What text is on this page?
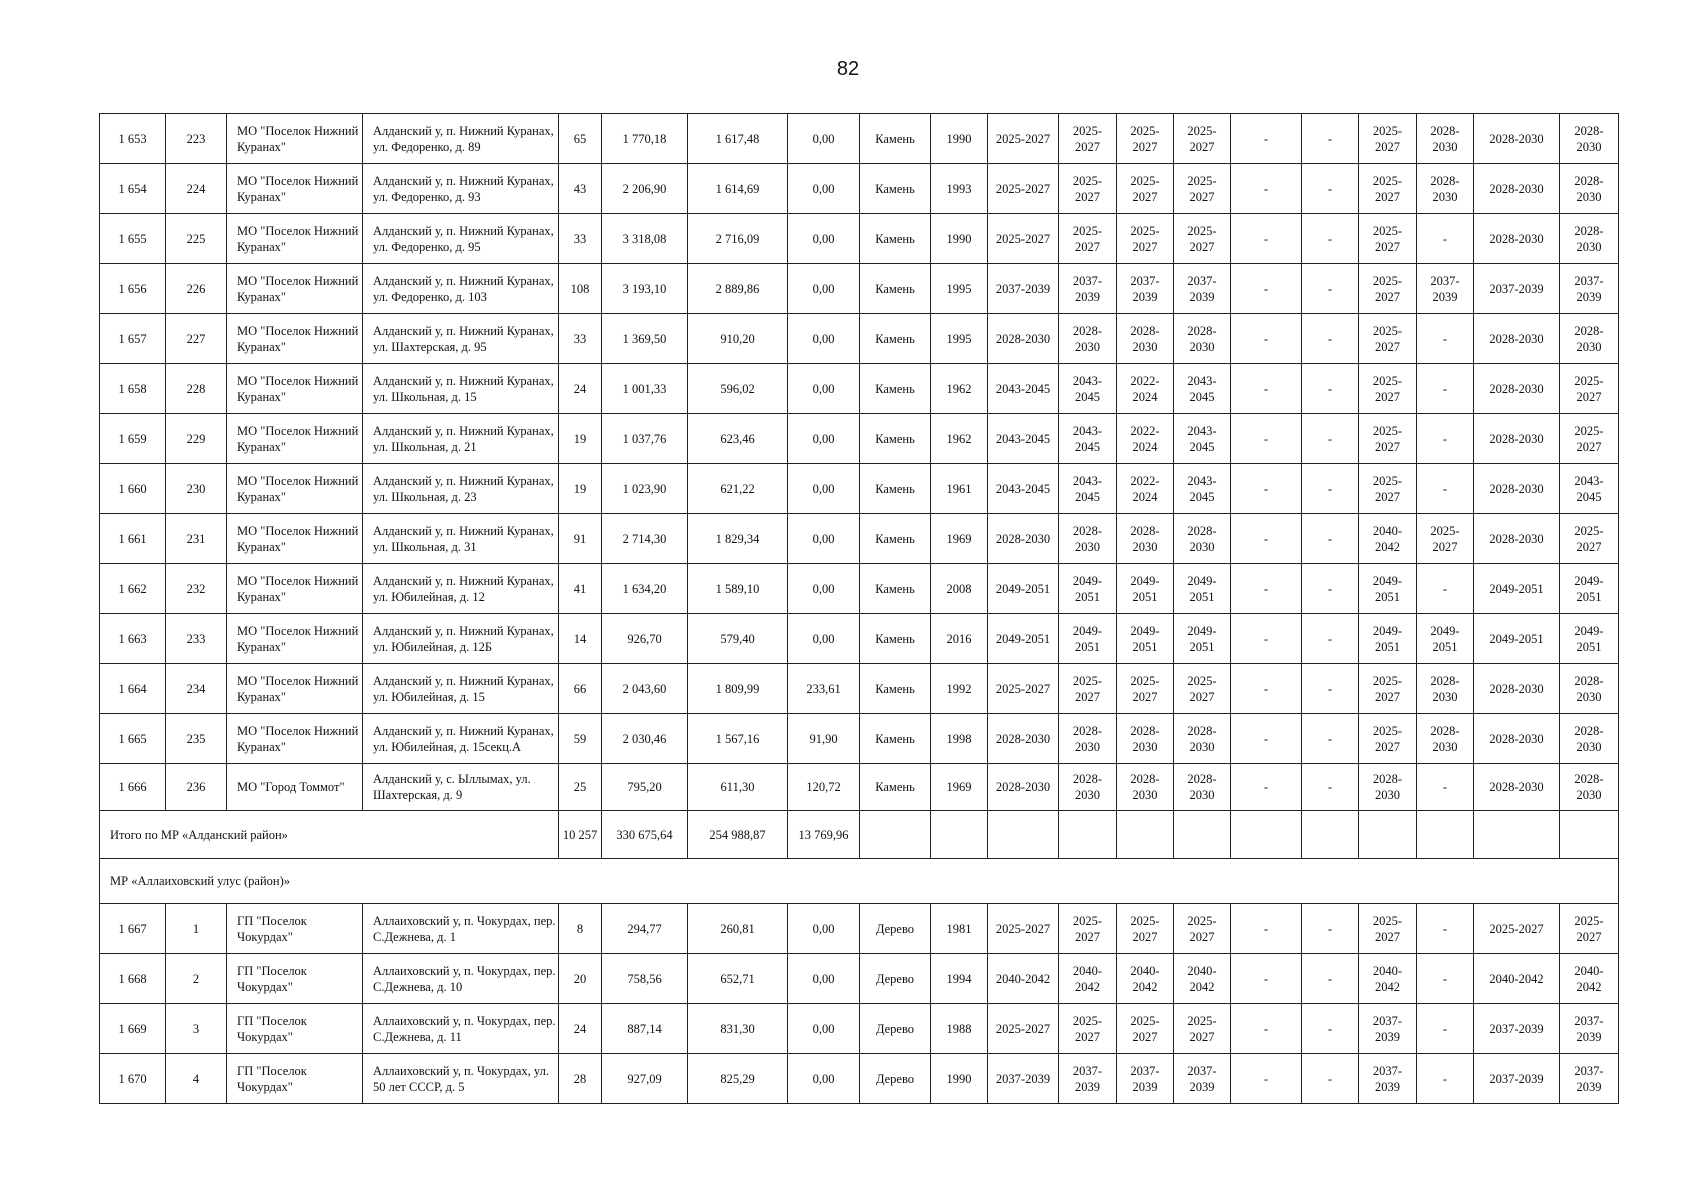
82
1 653	223	МО "Поселок Нижний Куранах"	Алданский у, п. Нижний Куранах, ул. Федоренко, д. 89	65	1 770,18	1 617,48	0,00	Камень	1990	2025-2027	2025-2027	2025-2027	2025-2027	-	-	2025-2027	2028-2030	2028-2030	2028-2030
1 654	224	МО "Поселок Нижний Куранах"	Алданский у, п. Нижний Куранах, ул. Федоренко, д. 93	43	2 206,90	1 614,69	0,00	Камень	1993	2025-2027	2025-2027	2025-2027	2025-2027	-	-	2025-2027	2028-2030	2028-2030	2028-2030
1 655	225	МО "Поселок Нижний Куранах"	Алданский у, п. Нижний Куранах, ул. Федоренко, д. 95	33	3 318,08	2 716,09	0,00	Камень	1990	2025-2027	2025-2027	2025-2027	2025-2027	-	-	2025-2027	-	2028-2030	2028-2030
1 656	226	МО "Поселок Нижний Куранах"	Алданский у, п. Нижний Куранах, ул. Федоренко, д. 103	108	3 193,10	2 889,86	0,00	Камень	1995	2037-2039	2037-2039	2037-2039	2037-2039	-	-	2025-2027	2037-2039	2037-2039	2037-2039
1 657	227	МО "Поселок Нижний Куранах"	Алданский у, п. Нижний Куранах, ул. Шахтерская, д. 95	33	1 369,50	910,20	0,00	Камень	1995	2028-2030	2028-2030	2028-2030	2028-2030	-	-	2025-2027	-	2028-2030	2028-2030
1 658	228	МО "Поселок Нижний Куранах"	Алданский у, п. Нижний Куранах, ул. Школьная, д. 15	24	1 001,33	596,02	0,00	Камень	1962	2043-2045	2043-2045	2022-2024	2043-2045	-	-	2025-2027	-	2028-2030	2025-2027
1 659	229	МО "Поселок Нижний Куранах"	Алданский у, п. Нижний Куранах, ул. Школьная, д. 21	19	1 037,76	623,46	0,00	Камень	1962	2043-2045	2043-2045	2022-2024	2043-2045	-	-	2025-2027	-	2028-2030	2025-2027
1 660	230	МО "Поселок Нижний Куранах"	Алданский у, п. Нижний Куранах, ул. Школьная, д. 23	19	1 023,90	621,22	0,00	Камень	1961	2043-2045	2043-2045	2022-2024	2043-2045	-	-	2025-2027	-	2028-2030	2043-2045
1 661	231	МО "Поселок Нижний Куранах"	Алданский у, п. Нижний Куранах, ул. Школьная, д. 31	91	2 714,30	1 829,34	0,00	Камень	1969	2028-2030	2028-2030	2028-2030	2028-2030	-	-	2040-2042	2025-2027	2028-2030	2025-2027
1 662	232	МО "Поселок Нижний Куранах"	Алданский у, п. Нижний Куранах, ул. Юбилейная, д. 12	41	1 634,20	1 589,10	0,00	Камень	2008	2049-2051	2049-2051	2049-2051	2049-2051	-	-	2049-2051	-	2049-2051	2049-2051
1 663	233	МО "Поселок Нижний Куранах"	Алданский у, п. Нижний Куранах, ул. Юбилейная, д. 12Б	14	926,70	579,40	0,00	Камень	2016	2049-2051	2049-2051	2049-2051	2049-2051	-	-	2049-2051	2049-2051	2049-2051	2049-2051
1 664	234	МО "Поселок Нижний Куранах"	Алданский у, п. Нижний Куранах, ул. Юбилейная, д. 15	66	2 043,60	1 809,99	233,61	Камень	1992	2025-2027	2025-2027	2025-2027	2025-2027	-	-	2025-2027	2028-2030	2028-2030	2028-2030
1 665	235	МО "Поселок Нижний Куранах"	Алданский у, п. Нижний Куранах, ул. Юбилейная, д. 15секц.А	59	2 030,46	1 567,16	91,90	Камень	1998	2028-2030	2028-2030	2028-2030	2028-2030	-	-	2025-2027	2028-2030	2028-2030	2028-2030
1 666	236	МО "Город Томмот"	Алданский у, с. Ыллымах, ул. Шахтерская, д. 9	25	795,20	611,30	120,72	Камень	1969	2028-2030	2028-2030	2028-2030	2028-2030	-	-	2028-2030	-	2028-2030	2028-2030
Итого по МР «Алданский район»				10 257	330 675,64	254 988,87	13 769,96												
МР «Аллаиховский улус (район)»																			
1 667	1	ГП "Поселок Чокурдах"	Аллаиховский у, п. Чокурдах, пер. С.Дежнева, д. 1	8	294,77	260,81	0,00	Дерево	1981	2025-2027	2025-2027	2025-2027	2025-2027	-	-	2025-2027	-	2025-2027	2025-2027
1 668	2	ГП "Поселок Чокурдах"	Аллаиховский у, п. Чокурдах, пер. С.Дежнева, д. 10	20	758,56	652,71	0,00	Дерево	1994	2040-2042	2040-2042	2040-2042	2040-2042	-	-	2040-2042	-	2040-2042	2040-2042
1 669	3	ГП "Поселок Чокурдах"	Аллаиховский у, п. Чокурдах, пер. С.Дежнева, д. 11	24	887,14	831,30	0,00	Дерево	1988	2025-2027	2025-2027	2025-2027	2025-2027	-	-	2037-2039	-	2037-2039	2037-2039
1 670	4	ГП "Поселок Чокурдах"	Аллаиховский у, п. Чокурдах, ул. 50 лет СССР, д. 5	28	927,09	825,29	0,00	Дерево	1990	2037-2039	2037-2039	2037-2039	2037-2039	-	-	2037-2039	-	2037-2039	2037-2039
